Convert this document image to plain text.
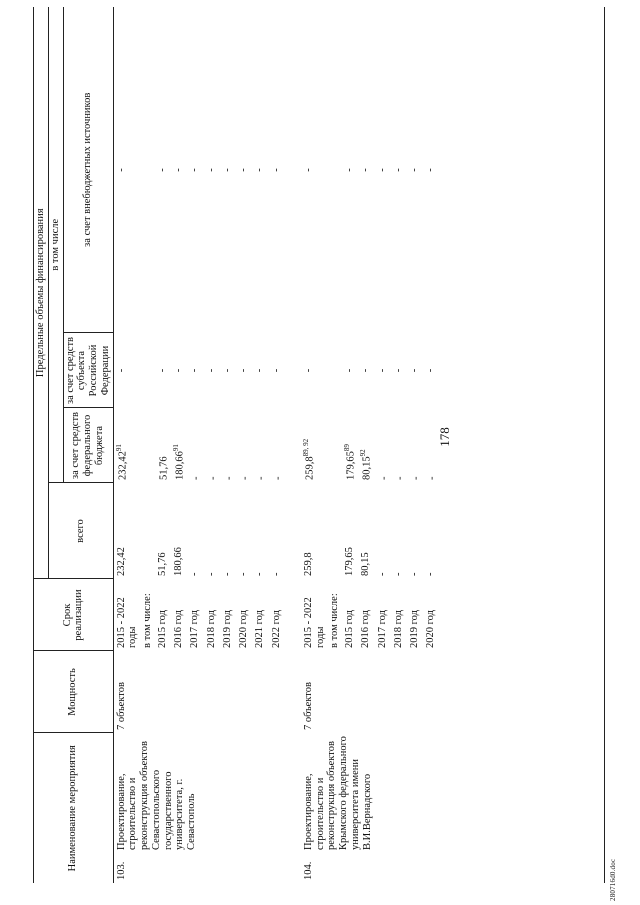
178
Наименование мероприятия	Мощность	Срок реализации	Предельные объемы финансирования			
			всего	в том числе		
				за счет средств федерального бюджета	за счет средств субъекта Российской Федерации	за счет внебюджетных источников

103.
Проектирование, строительство и реконструкция объектов Севастопольского государственного университета, г. Севастополь	7 объектов	2015 - 2022 годы	232,42	232,42$^{91}$	-	-
		в том числе:				
		2015 год	51,76	51,76	-	-
		2016 год	180,66	180,66$^{91}$	-	-
		2017 год	-	-	-	-
		2018 год	-	-	-	-
		2019 год	-	-	-	-
		2020 год	-	-	-	-
		2021 год	-	-	-	-
		2022 год	-	-	-	-

104.
Проектирование, строительство и реконструкция объектов Крымского федерального университета имени В.И.Вернадского	7 объектов	2015 - 2022 годы	259,8	259,8$^{89, 92}$	-	-
		в том числе:				
		2015 год	179,65	179,65$^{89}$	-	-
		2016 год	80,15	80,15$^{92}$	-	-
		2017 год	-	-	-	-
		2018 год	-	-	-	-
		2019 год	-	-	-	-
		2020 год	-	-	-	-
280716d0.doc
